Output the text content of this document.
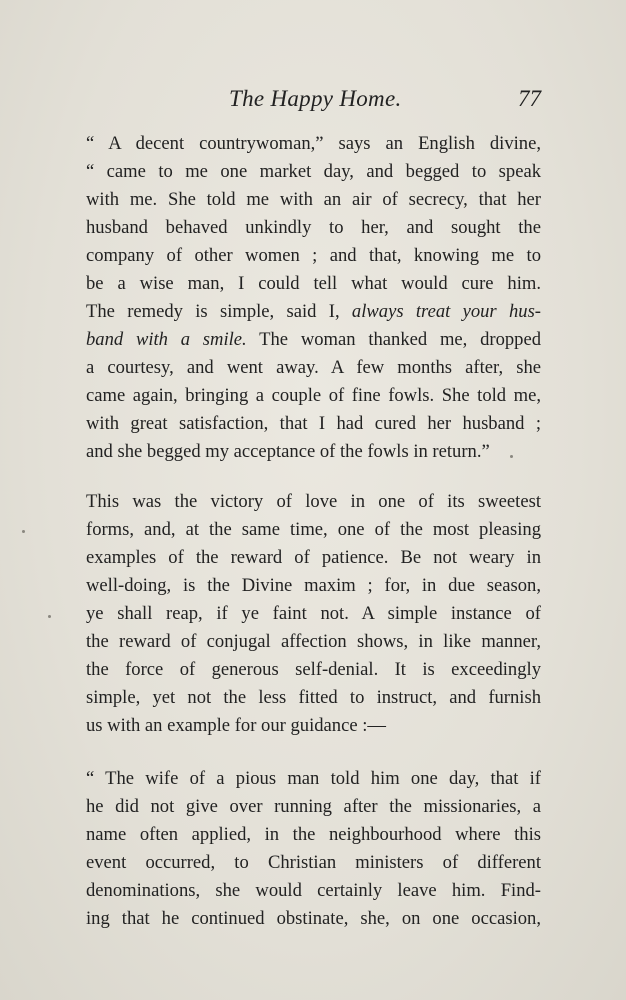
The Happy Home.	77
“ A decent countrywoman,” says an English divine,
“ came to me one market day, and begged to speak
with me. She told me with an air of secrecy, that her
husband behaved unkindly to her, and sought the
company of other women ; and that, knowing me to
be a wise man, I could tell what would cure him.
The remedy is simple, said I, always treat your hus-
band with a smile. The woman thanked me, dropped
a courtesy, and went away. A few months after, she
came again, bringing a couple of fine fowls. She told me,
with great satisfaction, that I had cured her husband ;
and she begged my acceptance of the fowls in return.”
This was the victory of love in one of its sweetest
forms, and, at the same time, one of the most pleasing
examples of the reward of patience. Be not weary in
well-doing, is the Divine maxim ; for, in due season,
ye shall reap, if ye faint not. A simple instance of
the reward of conjugal affection shows, in like manner,
the force of generous self-denial. It is exceedingly
simple, yet not the less fitted to instruct, and furnish
us with an example for our guidance :—
“ The wife of a pious man told him one day, that if
he did not give over running after the missionaries, a
name often applied, in the neighbourhood where this
event occurred, to Christian ministers of different
denominations, she would certainly leave him. Find-
ing that he continued obstinate, she, on one occasion,
